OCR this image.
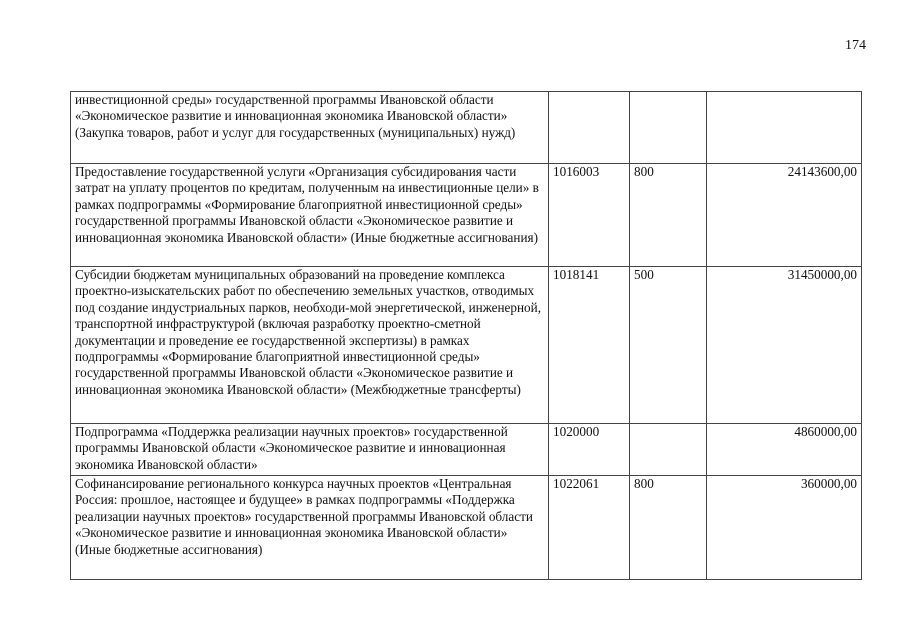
174
инвестиционной среды» государственной программы Ивановской области «Экономическое развитие и инновационная экономика Ивановской области» (Закупка товаров, работ и услуг для государственных (муниципальных) нужд)			
Предоставление государственной услуги «Организация субсидирования части затрат на уплату процентов по кредитам, полученным на инвестиционные цели» в рамках подпрограммы «Формирование благоприятной инвестиционной среды» государственной программы Ивановской области «Экономическое развитие и инновационная экономика Ивановской области» (Иные бюджетные ассигнования)	1016003	800	24143600,00
Субсидии бюджетам муниципальных образований на проведение комплекса проектно-изыскательских работ по обеспечению земельных участков, отводимых под создание индустриальных парков, необходи-мой энергетической, инженерной, транспортной инфраструктурой (включая разработку проектно-сметной документации и проведение ее государственной экспертизы) в рамках подпрограммы «Формирование благоприятной инвестиционной среды» государственной программы Ивановской области «Экономическое развитие и инновационная экономика Ивановской области» (Межбюджетные трансферты)	1018141	500	31450000,00
Подпрограмма «Поддержка реализации научных проектов» государственной программы Ивановской области «Экономическое развитие и инновационная экономика Ивановской области»	1020000		4860000,00
Софинансирование регионального конкурса научных проектов «Центральная Россия: прошлое, настоящее и будущее» в рамках подпрограммы «Поддержка реализации научных проектов» государственной программы Ивановской области «Экономическое развитие и инновационная экономика Ивановской области» (Иные бюджетные ассигнования)	1022061	800	360000,00
